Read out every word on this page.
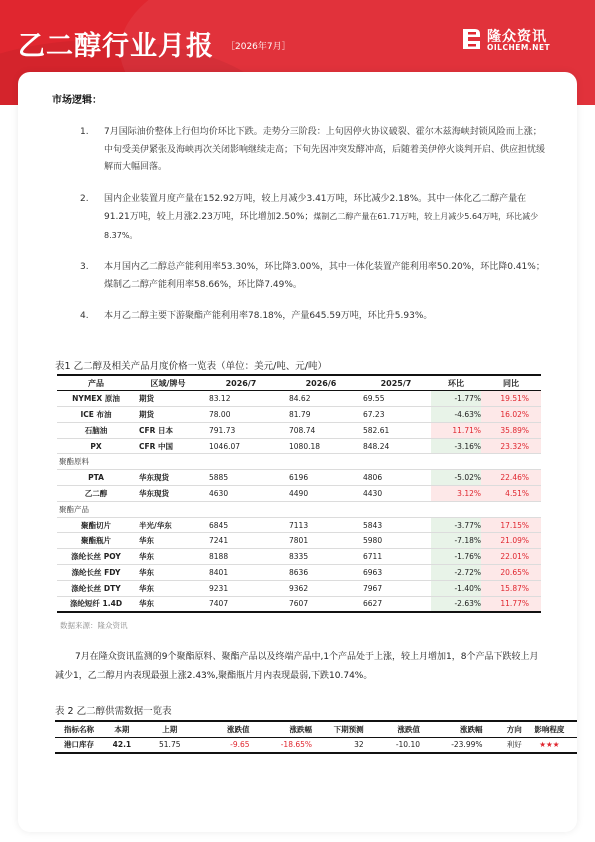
乙二醇行业月报 ［2026年7月］
隆众资讯
OILCHEM.NET
市场逻辑：
1. 7月国际油价整体上行但均价环比下跌。走势分三阶段：上旬因停火协议破裂、霍尔木兹海峡封锁风险而上涨；中旬受美伊紧张及海峡再次关闭影响继续走高；下旬先因冲突发酵冲高，后随着美伊停火谈判开启、供应担忧缓解而大幅回落。
2. 国内企业装置月度产量在152.92万吨，较上月减少3.41万吨，环比减少2.18%。其中一体化乙二醇产量在91.21万吨，较上月涨2.23万吨，环比增加2.50%；煤制乙二醇产量在61.71万吨，较上月减少5.64万吨，环比减少8.37%。
3. 本月国内乙二醇总产能利用率53.30%，环比降3.00%，其中一体化装置产能利用率50.20%，环比降0.41%；煤制乙二醇产能利用率58.66%，环比降7.49%。
4. 本月乙二醇主要下游聚酯产能利用率78.18%，产量645.59万吨，环比升5.93%。
表1 乙二醇及相关产品月度价格一览表（单位：美元/吨、元/吨）
产品	区域/牌号	2026/7	2026/6	2025/7	环比	同比
NYMEX 原油	期货	83.12	84.62	69.55	-1.77%	19.51%
ICE 布油	期货	78.00	81.79	67.23	-4.63%	16.02%
石脑油	CFR 日本	791.73	708.74	582.61	11.71%	35.89%
PX	CFR 中国	1046.07	1080.18	848.24	-3.16%	23.32%
聚酯原料						
PTA	华东现货	5885	6196	4806	-5.02%	22.46%
乙二醇	华东现货	4630	4490	4430	3.12%	4.51%
聚酯产品						
聚酯切片	半光/华东	6845	7113	5843	-3.77%	17.15%
聚酯瓶片	华东	7241	7801	5980	-7.18%	21.09%
涤纶长丝 POY	华东	8188	8335	6711	-1.76%	22.01%
涤纶长丝 FDY	华东	8401	8636	6963	-2.72%	20.65%
涤纶长丝 DTY	华东	9231	9362	7967	-1.40%	15.87%
涤纶短纤 1.4D	华东	7407	7607	6627	-2.63%	11.77%
数据来源：隆众资讯
7月在隆众资讯监测的9个聚酯原料、聚酯产品以及终端产品中,1个产品处于上涨，较上月增加1，8个产品下跌较上月减少1，乙二醇月内表现最强上涨2.43%,聚酯瓶片月内表现最弱,下跌10.74%。
表 2 乙二醇供需数据一览表
指标名称	本期	上期	涨跌值	涨跌幅	下期预测	涨跌值	涨跌幅	方向	影响程度
港口库存	42.1	51.75	-9.65	-18.65%	32	-10.10	-23.99%	利好	★★★
